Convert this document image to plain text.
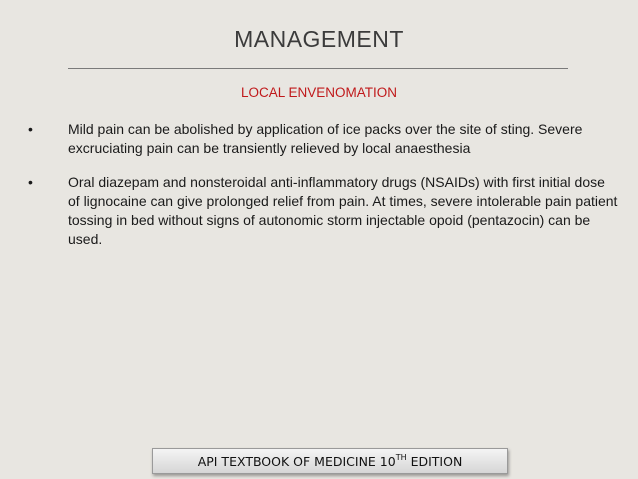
MANAGEMENT
LOCAL ENVENOMATION
•	Mild pain can be abolished by application of ice packs over the site of sting. Severe excruciating pain can be transiently relieved by local anaesthesia
•	Oral diazepam and nonsteroidal anti-inflammatory drugs (NSAIDs) with first initial dose of lignocaine can give prolonged relief from pain. At times, severe intolerable pain patient tossing in bed without signs of autonomic storm injectable opoid (pentazocin) can be used.
API TEXTBOOK OF MEDICINE 10TH EDITION
